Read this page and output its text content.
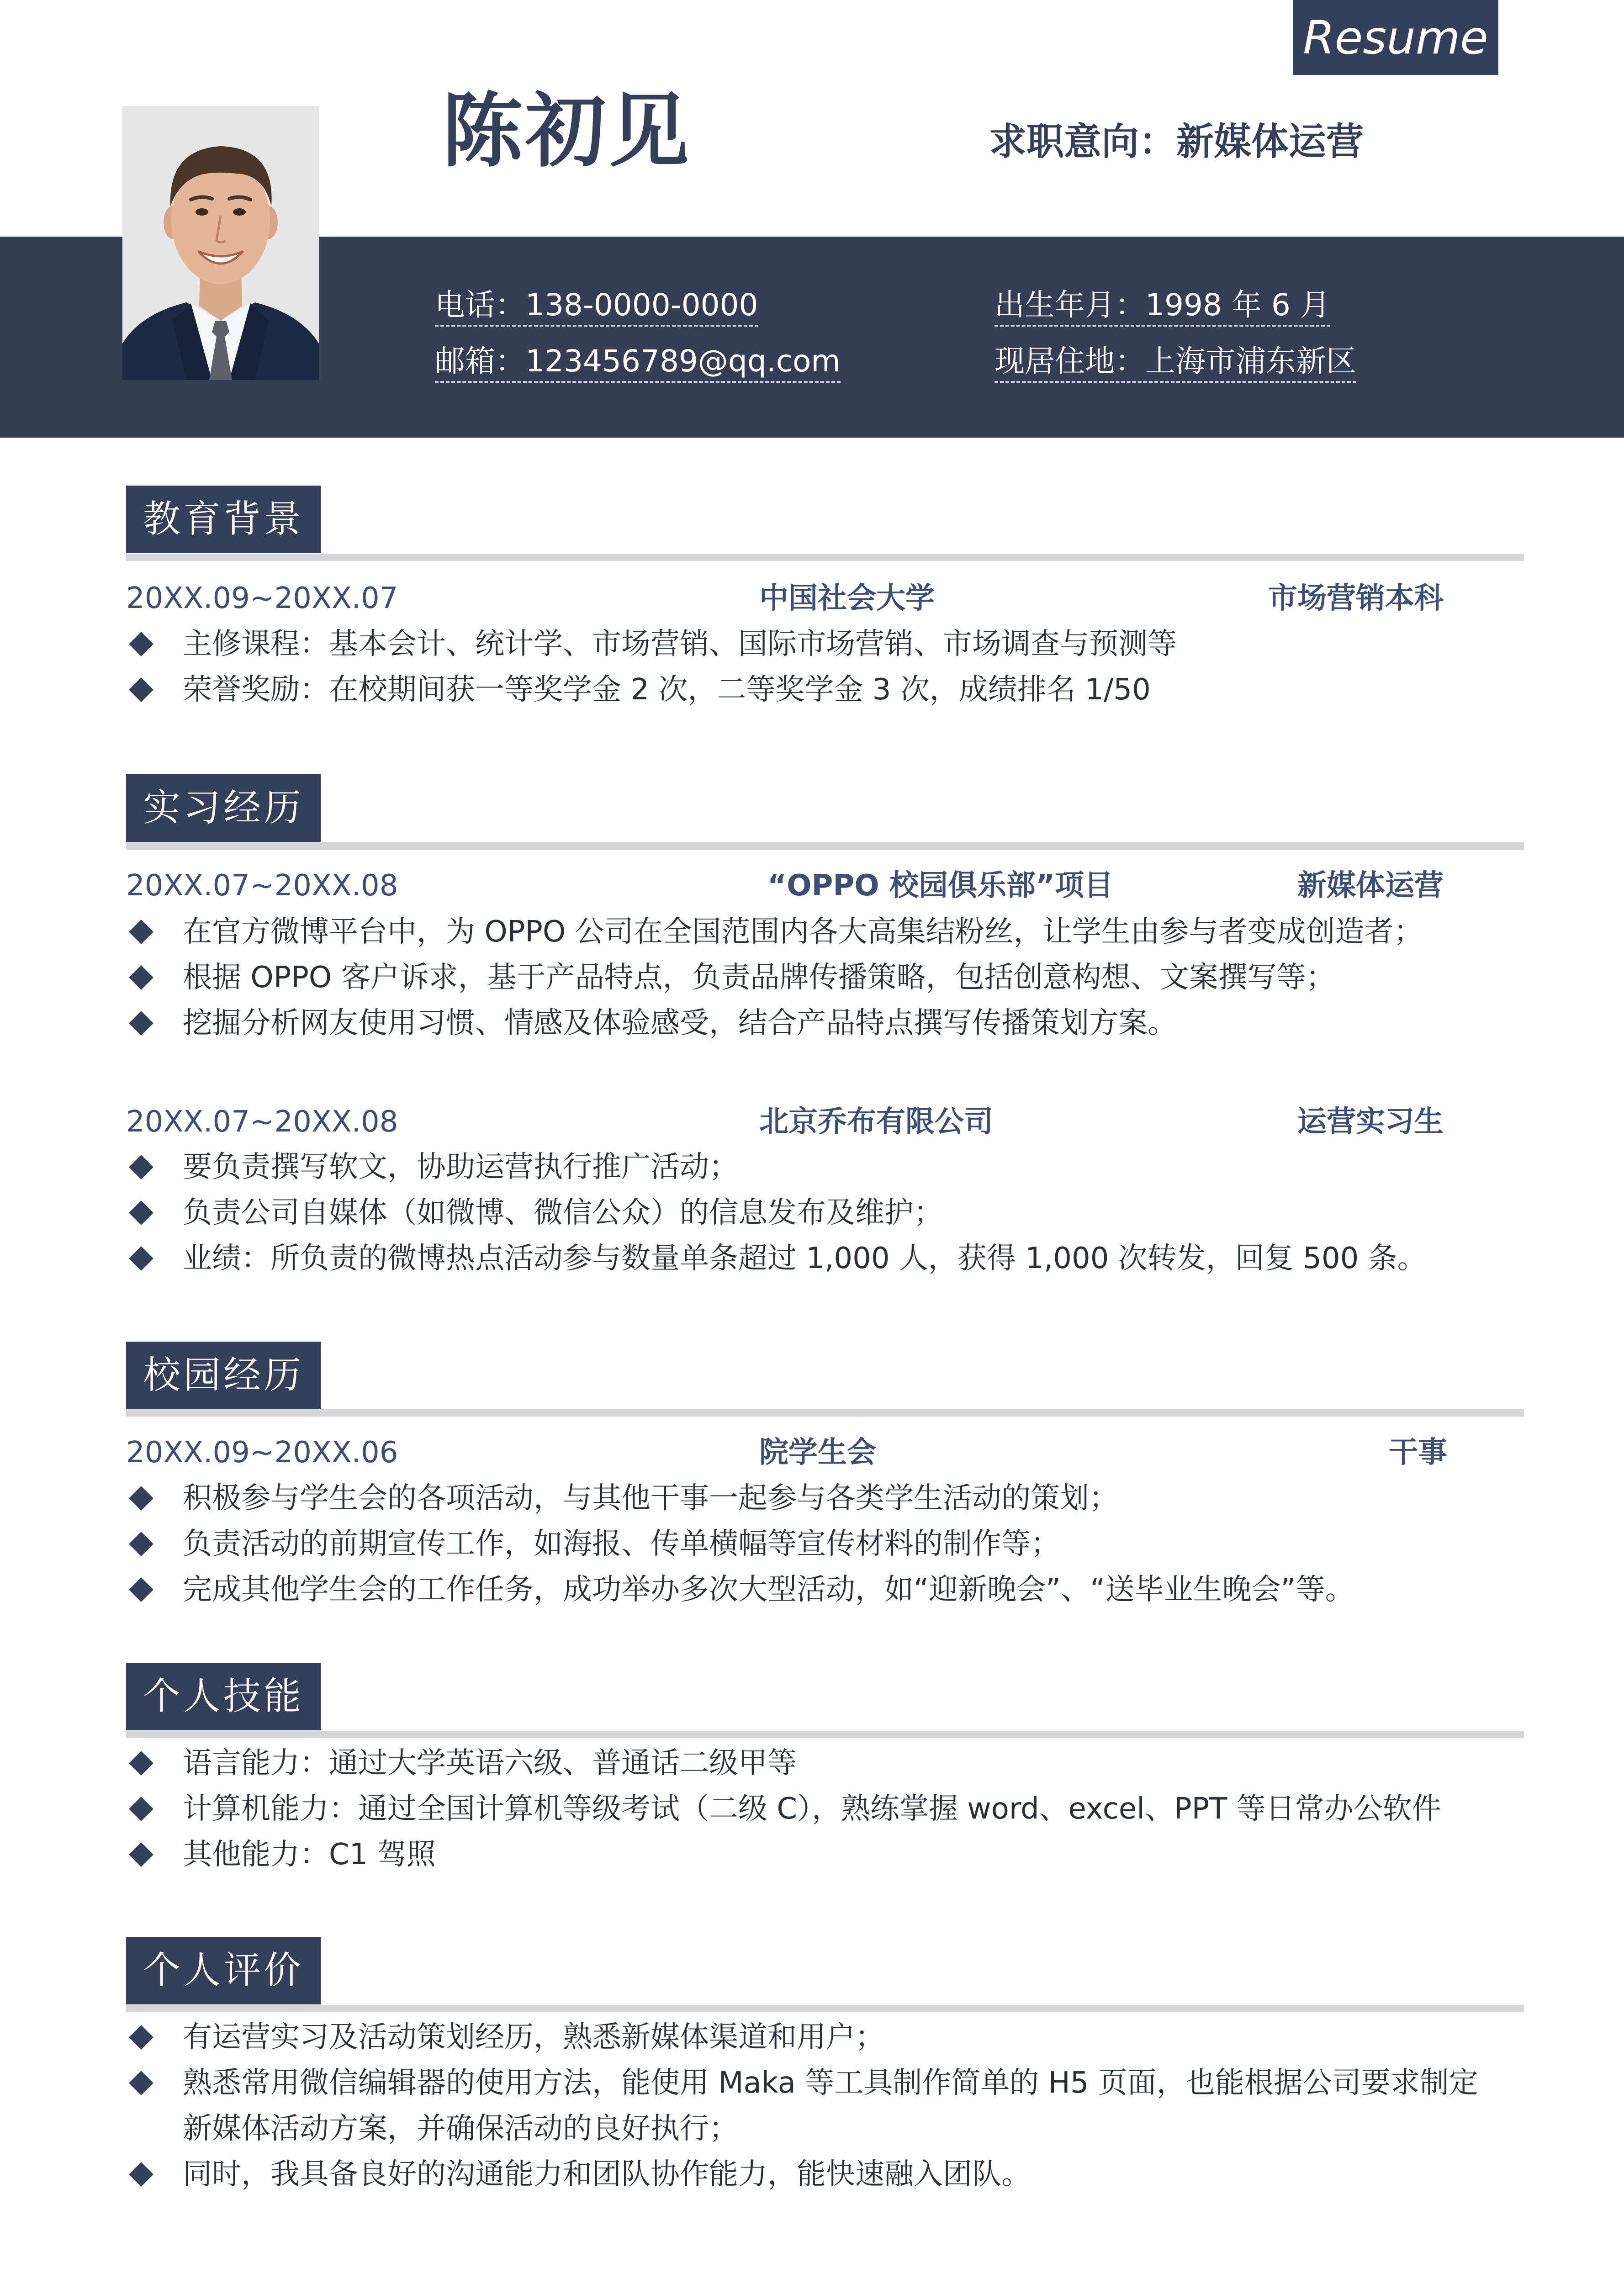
Resume
陈初见	求职意向：新媒体运营
电话：138-0000-0000
邮箱：123456789@qq.com
出生年月：1998 年 6 月
现居住地：上海市浦东新区
教育背景
20XX.09~20XX.07	中国社会大学	市场营销本科
主修课程：基本会计、统计学、市场营销、国际市场营销、市场调查与预测等
荣誉奖励：在校期间获一等奖学金 2 次，二等奖学金 3 次，成绩排名 1/50
实习经历
20XX.07~20XX.08	“OPPO 校园俱乐部”项目	新媒体运营
在官方微博平台中，为 OPPO 公司在全国范围内各大高集结粉丝，让学生由参与者变成创造者；
根据 OPPO 客户诉求，基于产品特点，负责品牌传播策略，包括创意构想、文案撰写等；
挖掘分析网友使用习惯、情感及体验感受，结合产品特点撰写传播策划方案。
20XX.07~20XX.08	北京乔布有限公司	运营实习生
要负责撰写软文，协助运营执行推广活动；
负责公司自媒体（如微博、微信公众）的信息发布及维护；
业绩：所负责的微博热点活动参与数量单条超过 1,000 人，获得 1,000 次转发，回复 500 条。
校园经历
20XX.09~20XX.06	院学生会	干事
积极参与学生会的各项活动，与其他干事一起参与各类学生活动的策划；
负责活动的前期宣传工作，如海报、传单横幅等宣传材料的制作等；
完成其他学生会的工作任务，成功举办多次大型活动，如“迎新晚会”、“送毕业生晚会”等。
个人技能
语言能力：通过大学英语六级、普通话二级甲等
计算机能力：通过全国计算机等级考试（二级 C），熟练掌握 word、excel、PPT 等日常办公软件
其他能力：C1 驾照
个人评价
有运营实习及活动策划经历，熟悉新媒体渠道和用户；
熟悉常用微信编辑器的使用方法，能使用 Maka 等工具制作简单的 H5 页面，也能根据公司要求制定
新媒体活动方案，并确保活动的良好执行；
同时，我具备良好的沟通能力和团队协作能力，能快速融入团队。
